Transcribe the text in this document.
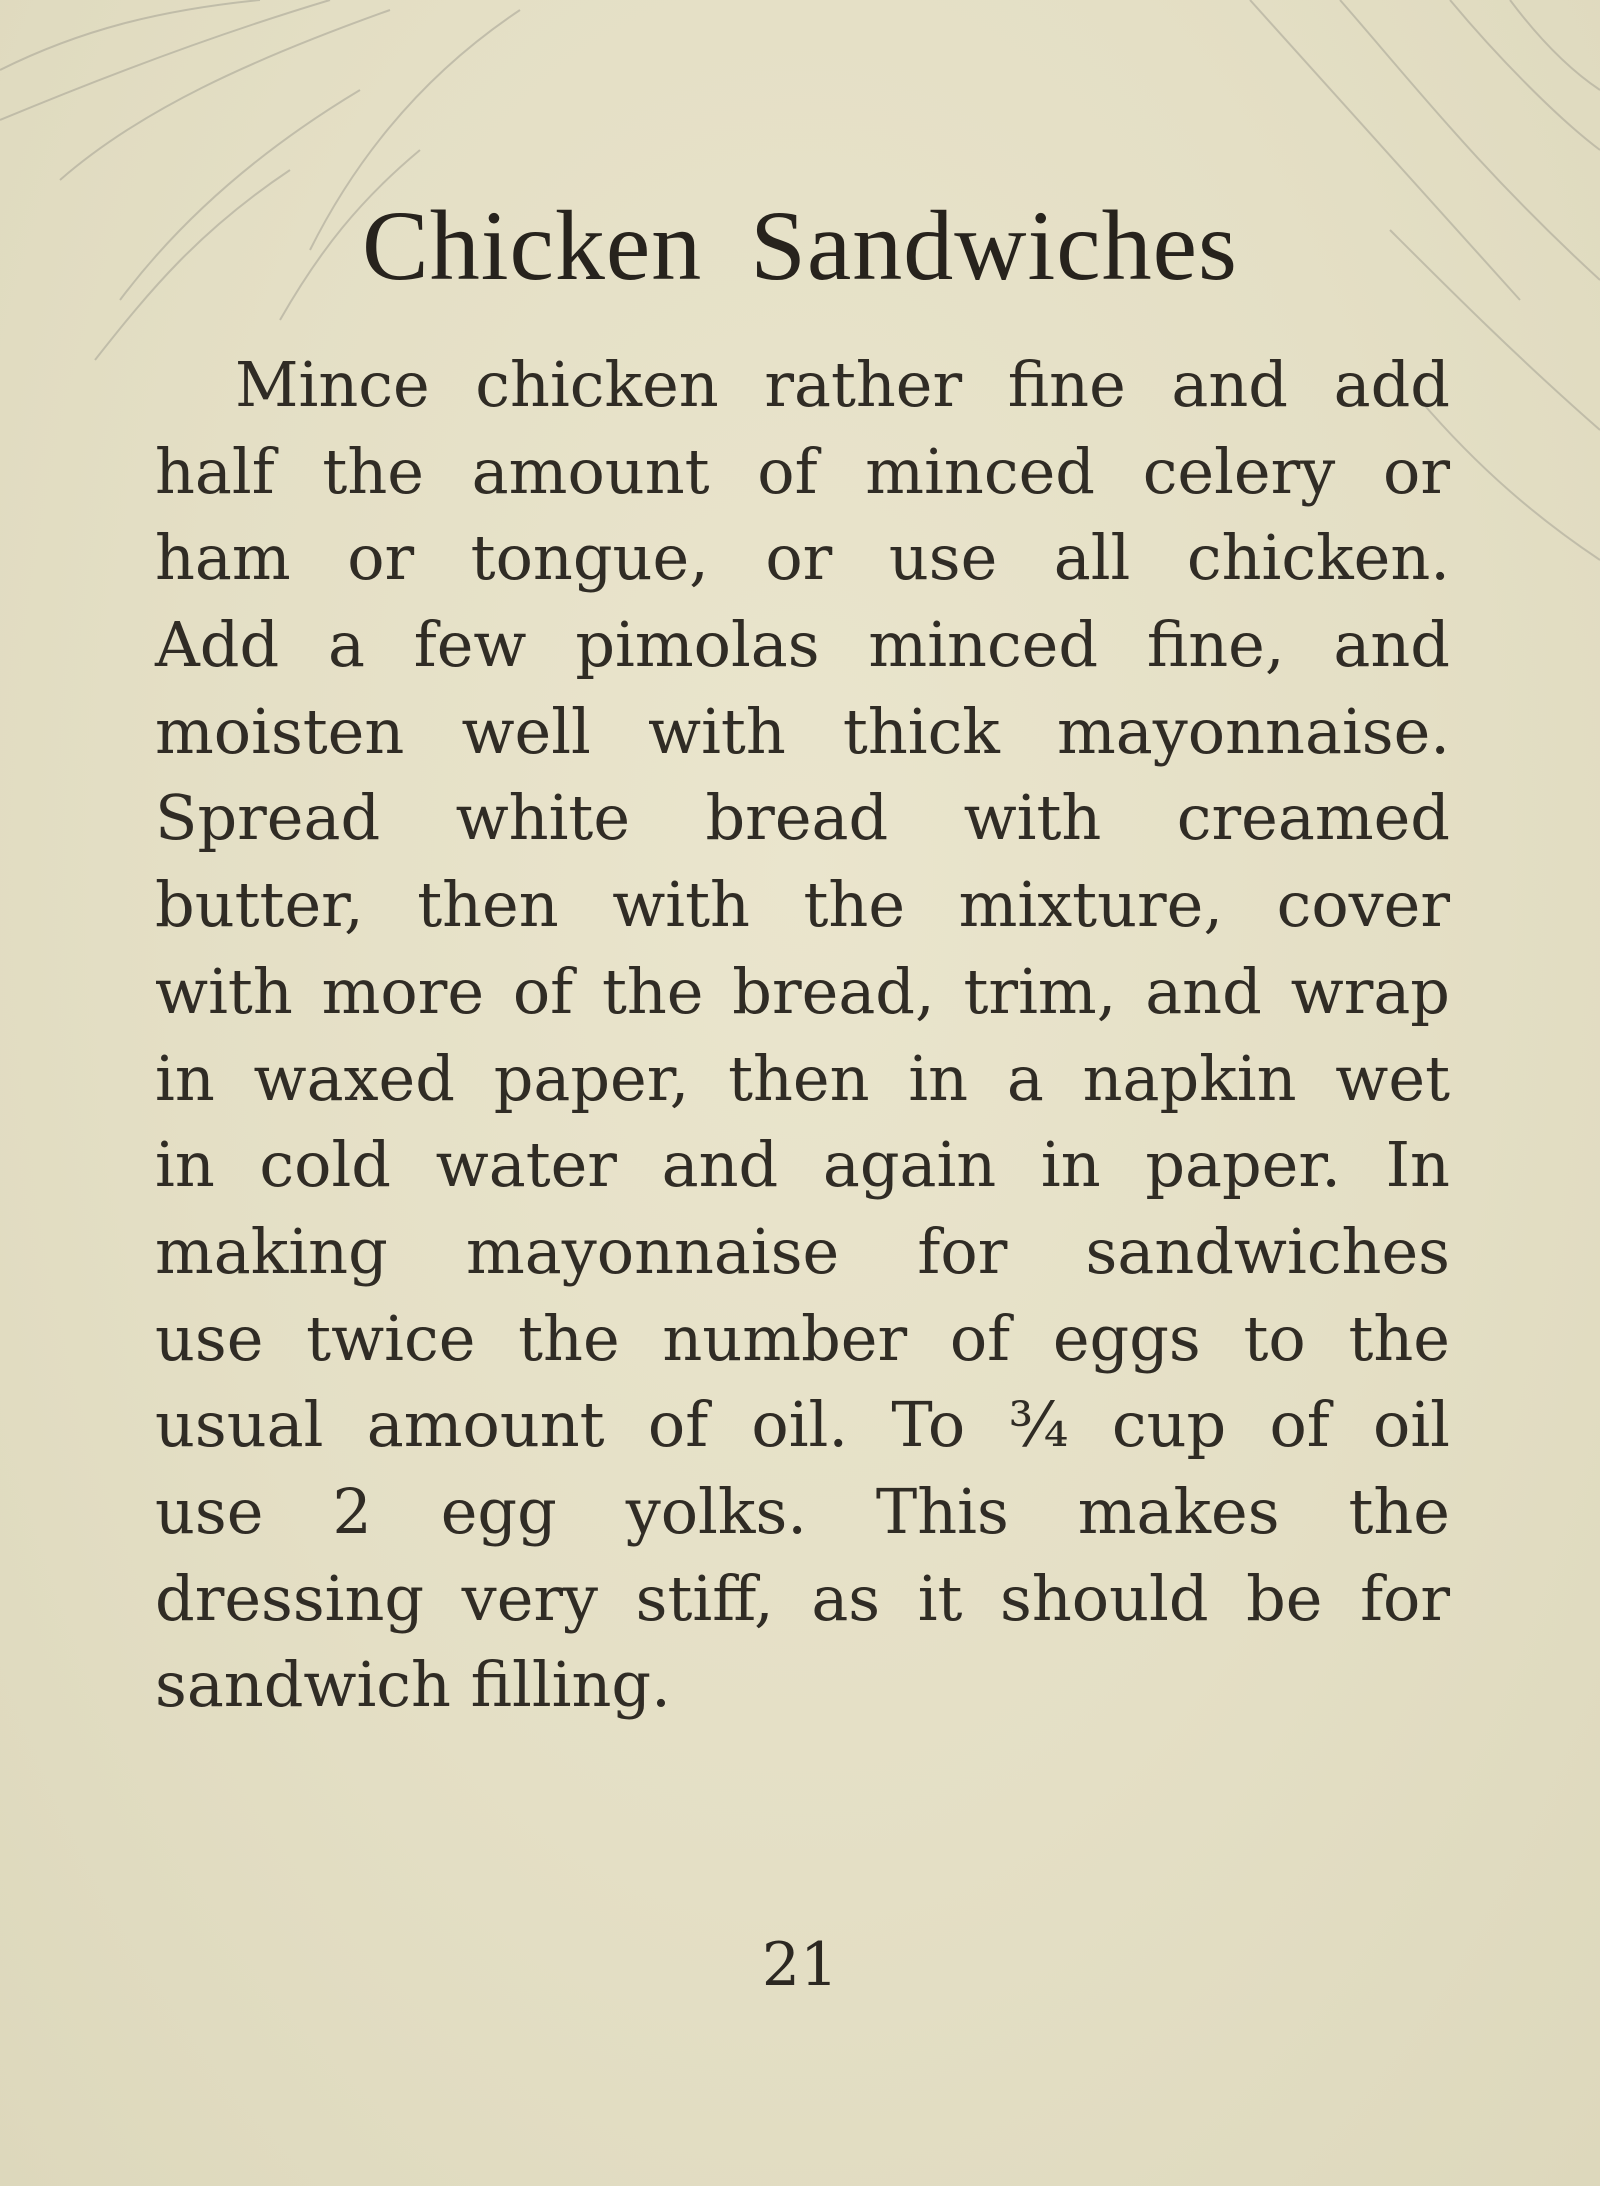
Chicken Sandwiches
Mince chicken rather fine and add
half the amount of minced celery or
ham or tongue, or use all chicken.
Add a few pimolas minced fine, and
moisten well with thick mayonnaise.
Spread white bread with creamed
butter, then with the mixture, cover
with more of the bread, trim, and wrap
in waxed paper, then in a napkin wet
in cold water and again in paper. In
making mayonnaise for sandwiches
use twice the number of eggs to the
usual amount of oil. To ¾ cup of oil
use 2 egg yolks. This makes the
dressing very stiff, as it should be for
sandwich filling.
21
